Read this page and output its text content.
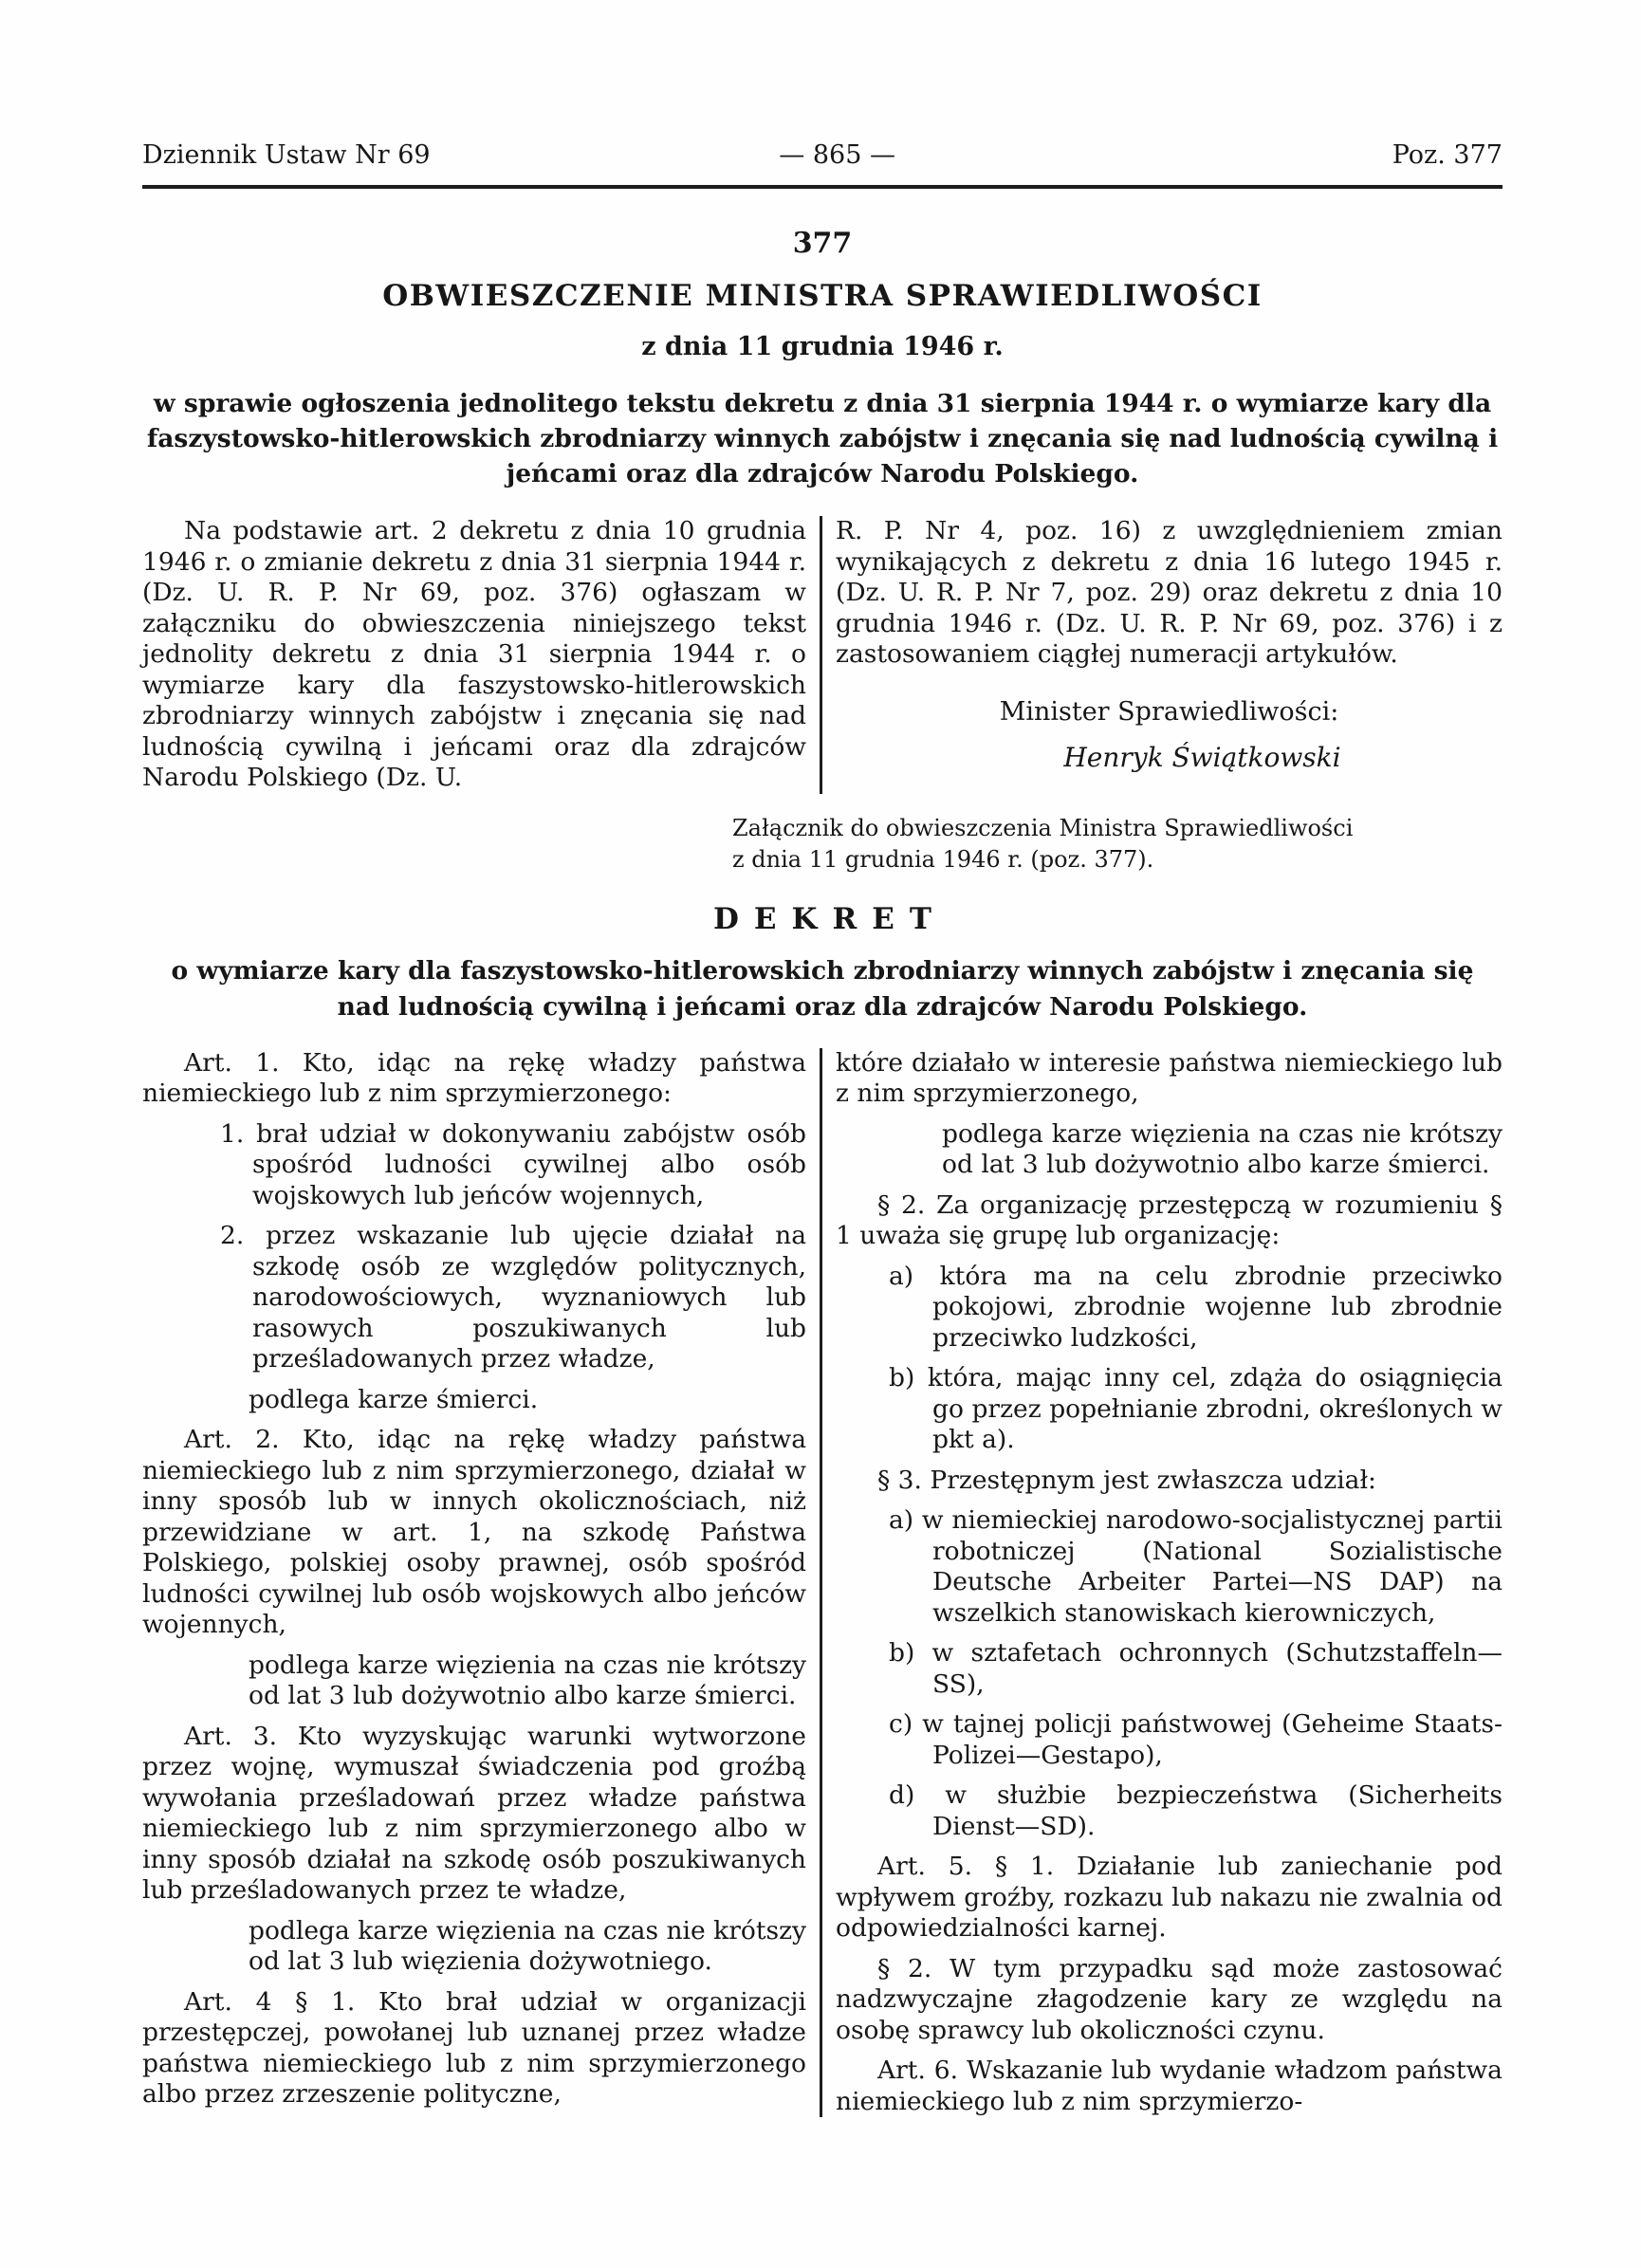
Dziennik Ustaw Nr 69	— 865 —	Poz. 377

377

OBWIESZCZENIE MINISTRA SPRAWIEDLIWOŚCI

z dnia 11 grudnia 1946 r.

w sprawie ogłoszenia jednolitego tekstu dekretu z dnia 31 sierpnia 1944 r. o wymiarze kary dla faszystowsko-hitlerowskich zbrodniarzy winnych zabójstw i znęcania się nad ludnością cywilną i jeńcami oraz dla zdrajców Narodu Polskiego.

Na podstawie art. 2 dekretu z dnia 10 grudnia 1946 r. o zmianie dekretu z dnia 31 sierpnia 1944 r. (Dz. U. R. P. Nr 69, poz. 376) ogłaszam w załączniku do obwieszczenia niniejszego tekst jednolity dekretu z dnia 31 sierpnia 1944 r. o wymiarze kary dla faszystowsko-hitlerowskich zbrodniarzy winnych zabójstw i znęcania się nad ludnością cywilną i jeńcami oraz dla zdrajców Narodu Polskiego (Dz. U.

R. P. Nr 4, poz. 16) z uwzględnieniem zmian wynikających z dekretu z dnia 16 lutego 1945 r. (Dz. U. R. P. Nr 7, poz. 29) oraz dekretu z dnia 10 grudnia 1946 r. (Dz. U. R. P. Nr 69, poz. 376) i z zastosowaniem ciągłej numeracji artykułów.

Minister Sprawiedliwości:

Henryk Świątkowski

Załącznik do obwieszczenia Ministra Sprawiedliwości
z dnia 11 grudnia 1946 r. (poz. 377).

DEKRET

o wymiarze kary dla faszystowsko-hitlerowskich zbrodniarzy winnych zabójstw i znęcania się nad ludnością cywilną i jeńcami oraz dla zdrajców Narodu Polskiego.

Art. 1. Kto, idąc na rękę władzy państwa niemieckiego lub z nim sprzymierzonego:

1. brał udział w dokonywaniu zabójstw osób spośród ludności cywilnej albo osób wojskowych lub jeńców wojennych,

2. przez wskazanie lub ujęcie działał na szkodę osób ze względów politycznych, narodowościowych, wyznaniowych lub rasowych poszukiwanych lub prześladowanych przez władze,

podlega karze śmierci.

Art. 2. Kto, idąc na rękę władzy państwa niemieckiego lub z nim sprzymierzonego, działał w inny sposób lub w innych okolicznościach, niż przewidziane w art. 1, na szkodę Państwa Polskiego, polskiej osoby prawnej, osób spośród ludności cywilnej lub osób wojskowych albo jeńców wojennych,

podlega karze więzienia na czas nie krótszy od lat 3 lub dożywotnio albo karze śmierci.

Art. 3. Kto wyzyskując warunki wytworzone przez wojnę, wymuszał świadczenia pod groźbą wywołania prześladowań przez władze państwa niemieckiego lub z nim sprzymierzonego albo w inny sposób działał na szkodę osób poszukiwanych lub prześladowanych przez te władze,

podlega karze więzienia na czas nie krótszy od lat 3 lub więzienia dożywotniego.

Art. 4 § 1. Kto brał udział w organizacji przestępczej, powołanej lub uznanej przez władze państwa niemieckiego lub z nim sprzymierzonego albo przez zrzeszenie polityczne,

które działało w interesie państwa niemieckiego lub z nim sprzymierzonego,

podlega karze więzienia na czas nie krótszy od lat 3 lub dożywotnio albo karze śmierci.

§ 2. Za organizację przestępczą w rozumieniu § 1 uważa się grupę lub organizację:

a) która ma na celu zbrodnie przeciwko pokojowi, zbrodnie wojenne lub zbrodnie przeciwko ludzkości,

b) która, mając inny cel, zdąża do osiągnięcia go przez popełnianie zbrodni, określonych w pkt a).

§ 3. Przestępnym jest zwłaszcza udział:

a) w niemieckiej narodowo-socjalistycznej partii robotniczej (National Sozialistische Deutsche Arbeiter Partei—NS DAP) na wszelkich stanowiskach kierowniczych,

b) w sztafetach ochronnych (Schutzstaffeln—SS),

c) w tajnej policji państwowej (Geheime Staats-Polizei—Gestapo),

d) w służbie bezpieczeństwa (Sicherheits Dienst—SD).

Art. 5. § 1. Działanie lub zaniechanie pod wpływem groźby, rozkazu lub nakazu nie zwalnia od odpowiedzialności karnej.

§ 2. W tym przypadku sąd może zastosować nadzwyczajne złagodzenie kary ze względu na osobę sprawcy lub okoliczności czynu.

Art. 6. Wskazanie lub wydanie władzom państwa niemieckiego lub z nim sprzymierzo-
